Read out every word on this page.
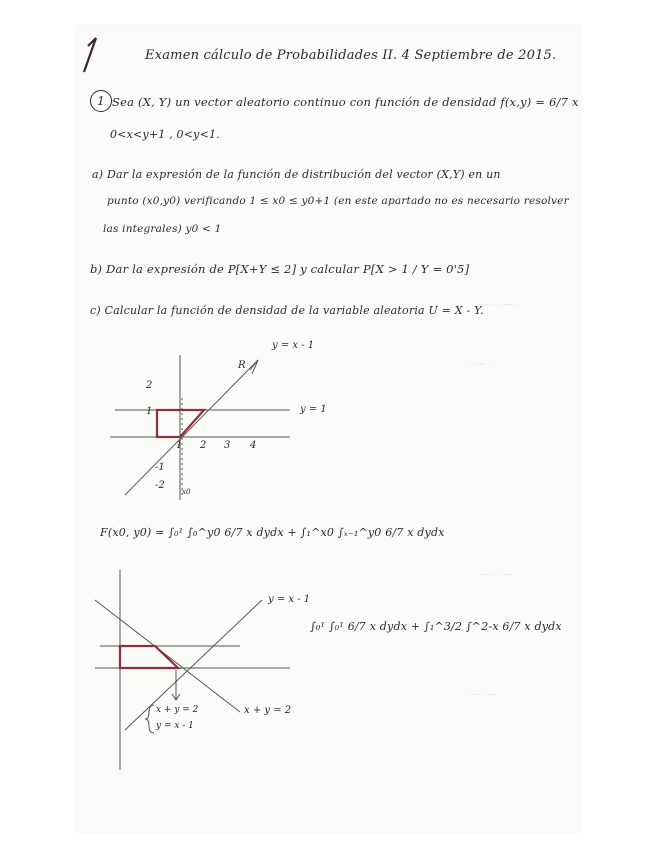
— ‑ ‑ — ‑
‑ — ‑
— ‑ ‑ —
— ‑ —
Examen cálculo de Probabilidades II. 4 Septiembre de 2015.
1 Sea (X, Y) un vector aleatorio continuo con función de densidad f(x,y) = 6/7 x
0<x<y+1 , 0<y<1.
a) Dar la expresión de la función de distribución del vector (X,Y) en un
punto (x0,y0) verificando 1 ≤ x0 ≤ y0+1 (en este apartado no es necesario resolver
las integrales) y0 < 1
b) Dar la expresión de P[X+Y ≤ 2] y calcular P[X > 1 / Y = 0'5]
c) Calcular la función de densidad de la variable aleatoria U = X - Y.
y = x - 1
y = 1
R
2
1
-1
-2
1 2 3 4
x0
F(x0, y0) = ∫₀¹ ∫₀^y0 6/7 x dydx + ∫₁^x0 ∫ₓ₋₁^y0 6/7 x dydx
y = x - 1
x + y = 2
x + y = 2
y = x - 1
∫₀¹ ∫₀¹ 6/7 x dydx + ∫₁^3/2 ∫^2-x 6/7 x dydx
